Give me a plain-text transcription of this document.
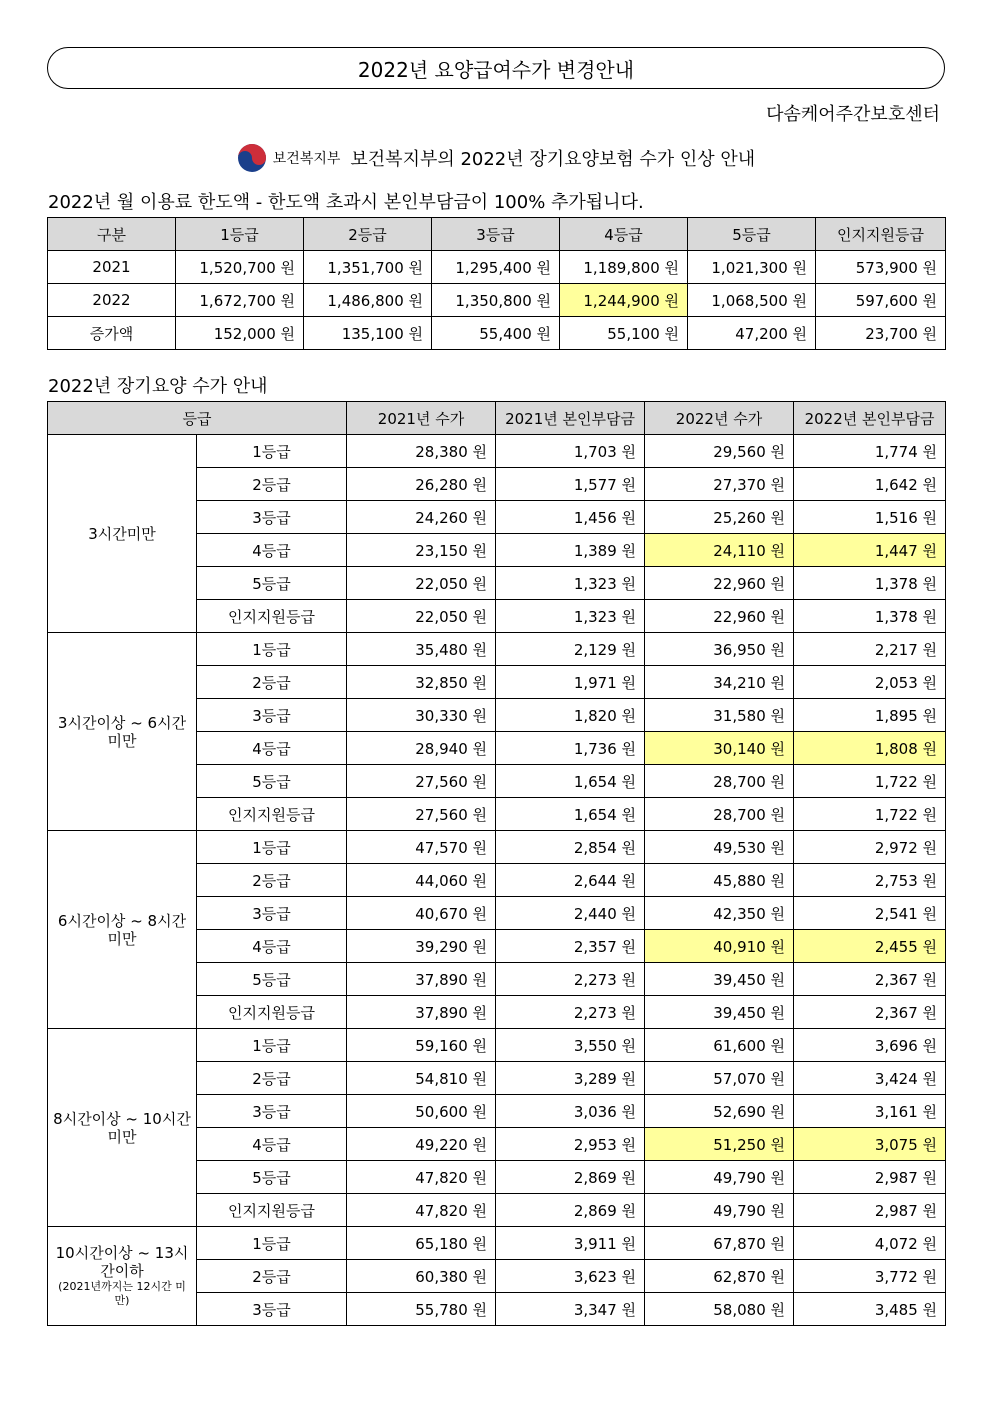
2022년 요양급여수가 변경안내
다솜케어주간보호센터
보건복지부 보건복지부의 2022년 장기요양보험 수가 인상 안내
2022년 월 이용료 한도액 - 한도액 초과시 본인부담금이 100% 추가됩니다.
구분	1등급	2등급	3등급	4등급	5등급	인지지원등급
2021	1,520,700 원	1,351,700 원	1,295,400 원	1,189,800 원	1,021,300 원	573,900 원
2022	1,672,700 원	1,486,800 원	1,350,800 원	1,244,900 원	1,068,500 원	597,600 원
증가액	152,000 원	135,100 원	55,400 원	55,100 원	47,200 원	23,700 원
2022년 장기요양 수가 안내
등급		2021년 수가	2021년 본인부담금	2022년 수가	2022년 본인부담금
3시간미만	1등급	28,380 원	1,703 원	29,560 원	1,774 원
	2등급	26,280 원	1,577 원	27,370 원	1,642 원
	3등급	24,260 원	1,456 원	25,260 원	1,516 원
	4등급	23,150 원	1,389 원	24,110 원	1,447 원
	5등급	22,050 원	1,323 원	22,960 원	1,378 원
	인지지원등급	22,050 원	1,323 원	22,960 원	1,378 원
3시간이상 ~ 6시간미만	1등급	35,480 원	2,129 원	36,950 원	2,217 원
	2등급	32,850 원	1,971 원	34,210 원	2,053 원
	3등급	30,330 원	1,820 원	31,580 원	1,895 원
	4등급	28,940 원	1,736 원	30,140 원	1,808 원
	5등급	27,560 원	1,654 원	28,700 원	1,722 원
	인지지원등급	27,560 원	1,654 원	28,700 원	1,722 원
6시간이상 ~ 8시간미만	1등급	47,570 원	2,854 원	49,530 원	2,972 원
	2등급	44,060 원	2,644 원	45,880 원	2,753 원
	3등급	40,670 원	2,440 원	42,350 원	2,541 원
	4등급	39,290 원	2,357 원	40,910 원	2,455 원
	5등급	37,890 원	2,273 원	39,450 원	2,367 원
	인지지원등급	37,890 원	2,273 원	39,450 원	2,367 원
8시간이상 ~ 10시간미만	1등급	59,160 원	3,550 원	61,600 원	3,696 원
	2등급	54,810 원	3,289 원	57,070 원	3,424 원
	3등급	50,600 원	3,036 원	52,690 원	3,161 원
	4등급	49,220 원	2,953 원	51,250 원	3,075 원
	5등급	47,820 원	2,869 원	49,790 원	2,987 원
	인지지원등급	47,820 원	2,869 원	49,790 원	2,987 원
10시간이상 ~ 13시간이하
(2021년까지는 12시간 미만)	1등급	65,180 원	3,911 원	67,870 원	4,072 원
	2등급	60,380 원	3,623 원	62,870 원	3,772 원
	3등급	55,780 원	3,347 원	58,080 원	3,485 원
